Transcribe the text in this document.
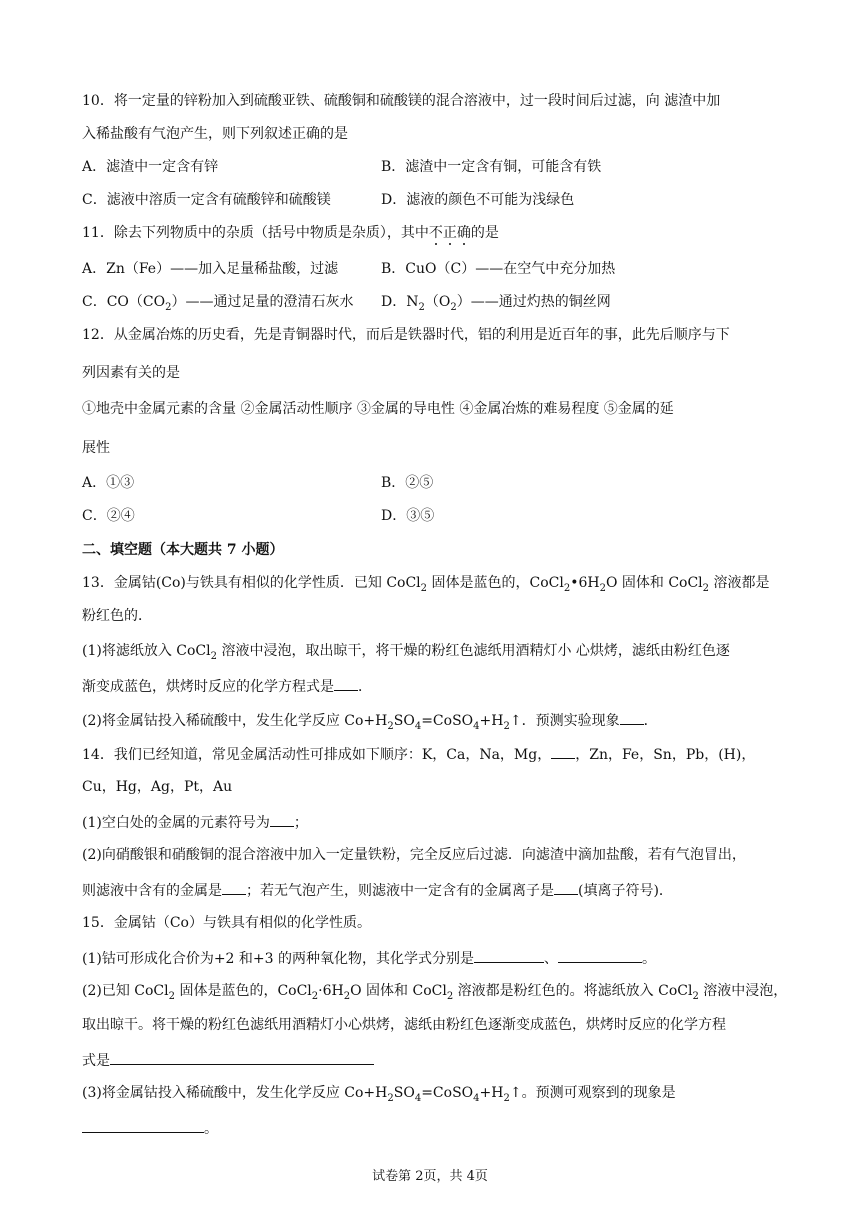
10．将一定量的锌粉加入到硫酸亚铁、硫酸铜和硫酸镁的混合溶液中，过一段时间后过滤，向 滤渣中加
入稀盐酸有气泡产生，则下列叙述正确的是
A．滤渣中一定含有锌	B．滤渣中一定含有铜，可能含有铁
C．滤液中溶质一定含有硫酸锌和硫酸镁	D．滤液的颜色不可能为浅绿色
11．除去下列物质中的杂质（括号中物质是杂质），其中不正确的是
A．Zn（Fe）——加入足量稀盐酸，过滤	B．CuO（C）——在空气中充分加热
C．$CO(CO_2)——$通过足量的澄清石灰水 D．$N_2(O_2)——$通过灼热的铜丝网
12．从金属冶炼的历史看，先是青铜器时代，而后是铁器时代，铝的利用是近百年的事，此先后顺序与下
列因素有关的是
①地壳中金属元素的含量 ②金属活动性顺序 ③金属的导电性 ④金属冶炼的难易程度 ⑤金属的延
展性
A．①③	B．②⑤
C．②④	D．③⑤
二、填空题（本大题共 7 小题）
13．金属钴(Co)与铁具有相似的化学性质．已知 CoCl$_2$ 固体是蓝色的，$CoCl_2•6H_2O$ 固体和 CoCl$_2$ 溶液都是
粉红色的．
(1)将滤纸放入 CoCl$_2$ 溶液中浸泡，取出晾干，将干燥的粉红色滤纸用酒精灯小 心烘烤，滤纸由粉红色逐
渐变成蓝色，烘烤时反应的化学方程式是 ．
(2)将金属钴投入稀硫酸中，发生化学反应 $Co+H_2SO_4=CoSO_4+H_2↑$．预测实验现象 ．
14．我们已经知道，常见金属活动性可排成如下顺序：K，Ca，Na，Mg， ，Zn，Fe，Sn，Pb，(H)，
Cu，Hg，Ag，Pt，Au
(1)空白处的金属的元素符号为 ；
(2)向硝酸银和硝酸铜的混合溶液中加入一定量铁粉，完全反应后过滤．向滤渣中滴加盐酸，若有气泡冒出，
则滤液中含有的金属是 ；若无气泡产生，则滤液中一定含有的金属离子是 (填离子符号)．
15．金属钴（Co）与铁具有相似的化学性质。
(1)钴可形成化合价为+2 和+3 的两种氧化物，其化学式分别是	、	。
(2)已知 CoCl$_2$ 固体是蓝色的，$CoCl_2\cdot 6H_2O$ 固体和 CoCl$_2$ 溶液都是粉红色的。将滤纸放入 CoCl$_2$ 溶液中浸泡，
取出晾干。将干燥的粉红色滤纸用酒精灯小心烘烤，滤纸由粉红色逐渐变成蓝色，烘烤时反应的化学方程
式是
(3)将金属钴投入稀硫酸中，发生化学反应 $Co+H_2SO_4=CoSO_4+H_2↑$。预测可观察到的现象是
。
试卷第 2页，共 4页
